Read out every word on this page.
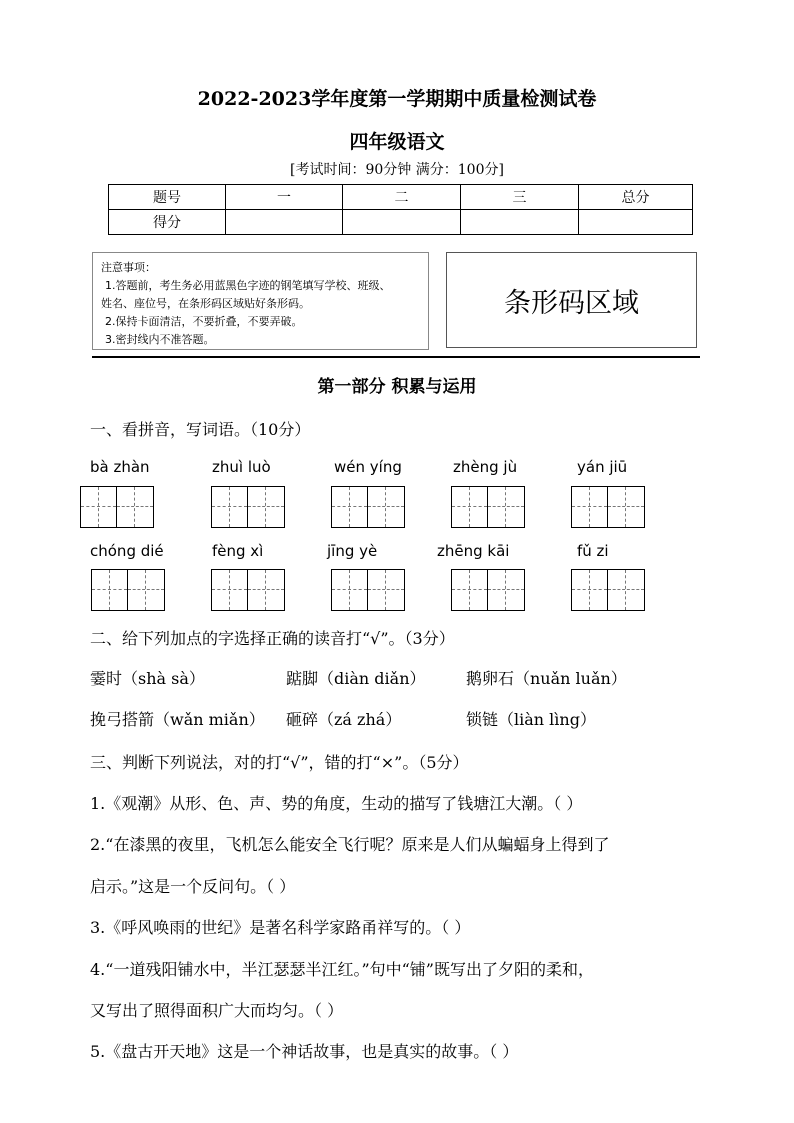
2022-2023学年度第一学期期中质量检测试卷
四年级语文
[考试时间：90分钟 满分：100分]
题号	一	二	三	总分
得分				
注意事项：
1.答题前，考生务必用蓝黑色字迹的钢笔填写学校、班级、
姓名、座位号，在条形码区域贴好条形码。
2.保持卡面清洁，不要折叠，不要弄破。
3.密封线内不准答题。
条形码区域
第一部分 积累与运用
一、看拼音，写词语。（10分）
bà zhàn	zhuì luò	wén yíng	zhèng jù	yán jiū
chóng dié	fèng xì	jīng yè	zhēng kāi	fǔ zi
二、给下列加点的字选择正确的读音打“√”。（3分）
霎时（shà sà）	踮脚（diàn diǎn）	鹅卵石（nuǎn luǎn）
挽弓搭箭（wǎn miǎn） 砸碎（zá zhá）	锁链（liàn lìng）
三、判断下列说法，对的打“√”，错的打“×”。（5分）
1.《观潮》从形、色、声、势的角度，生动的描写了钱塘江大潮。（ ）
2.“在漆黑的夜里，飞机怎么能安全飞行呢？原来是人们从蝙蝠身上得到了
启示。”这是一个反问句。（ ）
3.《呼风唤雨的世纪》是著名科学家路甬祥写的。（ ）
4.“一道残阳铺水中，半江瑟瑟半江红。”句中“铺”既写出了夕阳的柔和，
又写出了照得面积广大而均匀。（ ）
5.《盘古开天地》这是一个神话故事，也是真实的故事。（ ）
